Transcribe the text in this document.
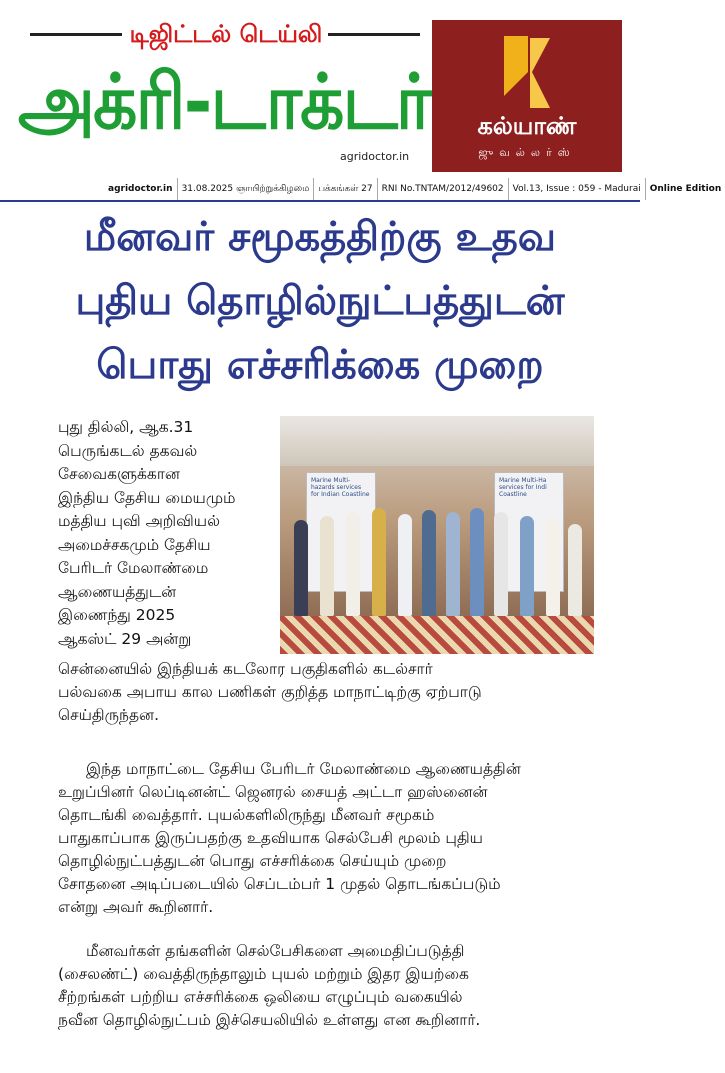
டிஜிட்டல் டெய்லி
அக்ரி-டாக்டர்
agridoctor.in
கல்யாண்
ஜுவல்லர்ஸ்
agridoctor.in 31.08.2025 ஞாயிற்றுக்கிழமை பக்கங்கள் 27 RNI No.TNTAM/2012/49602 Vol.13, Issue : 059 - Madurai Online Edition
மீனவர் சமூகத்திற்கு உதவ
புதிய தொழில்நுட்பத்துடன்
பொது எச்சரிக்கை முறை
Marine Multi-hazards services for Indian Coastline
Marine Multi-Ha services for Indi Coastline
புது தில்லி, ஆக.31
பெருங்கடல் தகவல்
சேவைகளுக்கான
இந்திய தேசிய மையமும்
மத்திய புவி அறிவியல்
அமைச்சகமும் தேசிய
பேரிடர் மேலாண்மை
ஆணையத்துடன்
இணைந்து 2025
ஆகஸ்ட் 29 அன்று
சென்னையில் இந்தியக் கடலோர பகுதிகளில் கடல்சார்
பல்வகை அபாய கால பணிகள் குறித்த மாநாட்டிற்கு ஏற்பாடு
செய்திருந்தன.
இந்த மாநாட்டை தேசிய பேரிடர் மேலாண்மை ஆணையத்தின்
உறுப்பினர் லெப்டினன்ட் ஜெனரல் சையத் அட்டா ஹஸ்னைன்
தொடங்கி வைத்தார். புயல்களிலிருந்து மீனவர் சமூகம்
பாதுகாப்பாக இருப்பதற்கு உதவியாக செல்பேசி மூலம் புதிய
தொழில்நுட்பத்துடன் பொது எச்சரிக்கை செய்யும் முறை
சோதனை அடிப்படையில் செப்டம்பர் 1 முதல் தொடங்கப்படும்
என்று அவர் கூறினார்.
மீனவர்கள் தங்களின் செல்பேசிகளை அமைதிப்படுத்தி
(சைலண்ட்) வைத்திருந்தாலும் புயல் மற்றும் இதர இயற்கை
சீற்றங்கள் பற்றிய எச்சரிக்கை ஒலியை எழுப்பும் வகையில்
நவீன தொழில்நுட்பம் இச்செயலியில் உள்ளது என கூறினார்.
